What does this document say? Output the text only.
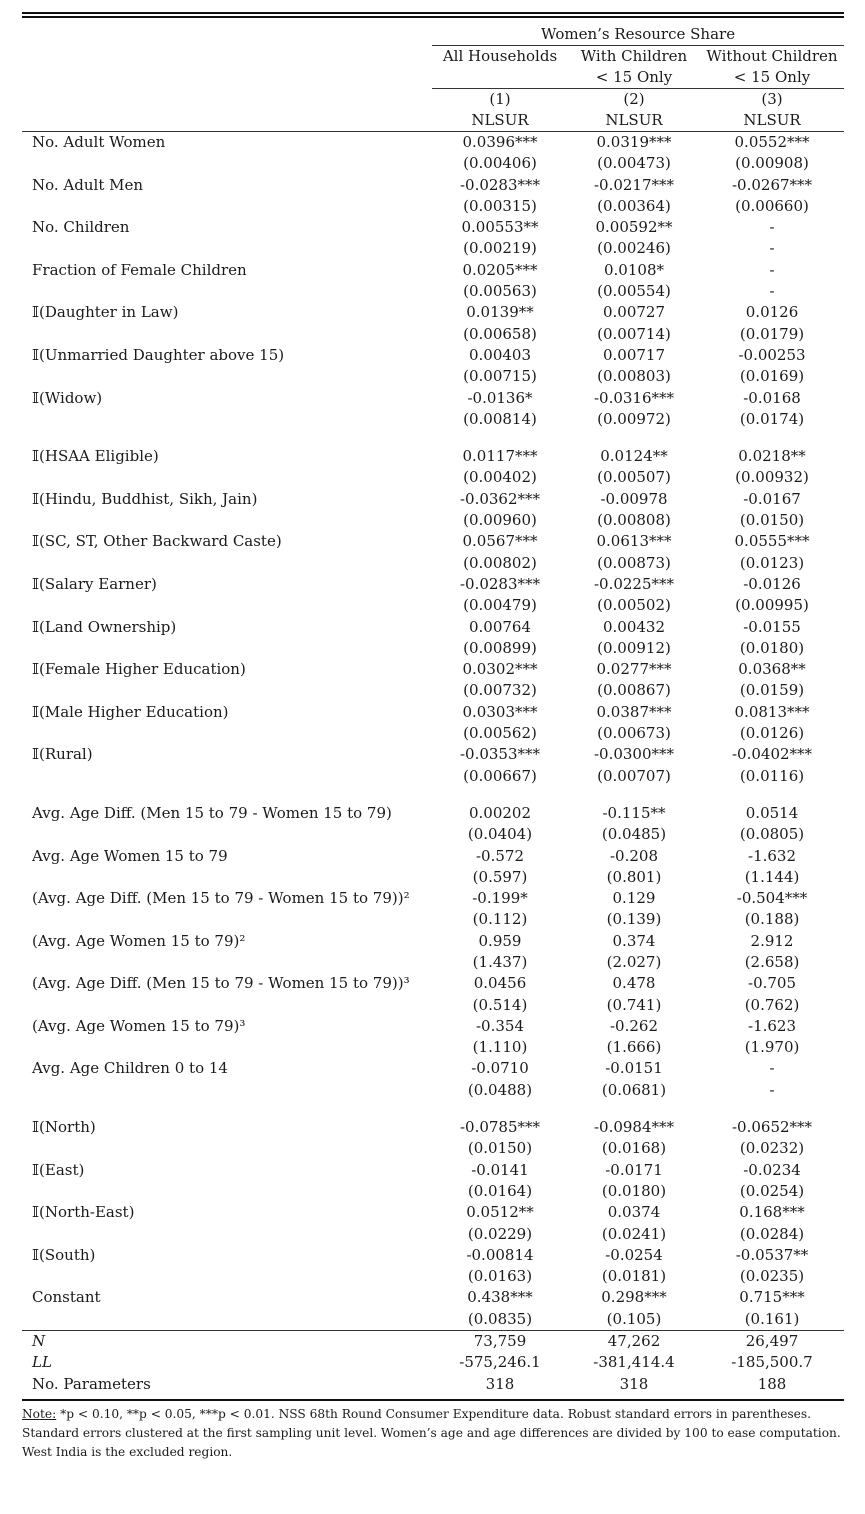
	Women’s Resource Share		
	All Households	With Children	Without Children
		< 15 Only	< 15 Only
	(1)	(2)	(3)
	NLSUR	NLSUR	NLSUR
No. Adult Women	0.0396***	0.0319***	0.0552***
	(0.00406)	(0.00473)	(0.00908)
No. Adult Men	-0.0283***	-0.0217***	-0.0267***
	(0.00315)	(0.00364)	(0.00660)
No. Children	0.00553**	0.00592**	-
	(0.00219)	(0.00246)	-
Fraction of Female Children	0.0205***	0.0108*	-
	(0.00563)	(0.00554)	-
𝕀(Daughter in Law)	0.0139**	0.00727	0.0126
	(0.00658)	(0.00714)	(0.0179)
𝕀(Unmarried Daughter above 15)	0.00403	0.00717	-0.00253
	(0.00715)	(0.00803)	(0.0169)
𝕀(Widow)	-0.0136*	-0.0316***	-0.0168
	(0.00814)	(0.00972)	(0.0174)

𝕀(HSAA Eligible)	0.0117***	0.0124**	0.0218**
	(0.00402)	(0.00507)	(0.00932)
𝕀(Hindu, Buddhist, Sikh, Jain)	-0.0362***	-0.00978	-0.0167
	(0.00960)	(0.00808)	(0.0150)
𝕀(SC, ST, Other Backward Caste)	0.0567***	0.0613***	0.0555***
	(0.00802)	(0.00873)	(0.0123)
𝕀(Salary Earner)	-0.0283***	-0.0225***	-0.0126
	(0.00479)	(0.00502)	(0.00995)
𝕀(Land Ownership)	0.00764	0.00432	-0.0155
	(0.00899)	(0.00912)	(0.0180)
𝕀(Female Higher Education)	0.0302***	0.0277***	0.0368**
	(0.00732)	(0.00867)	(0.0159)
𝕀(Male Higher Education)	0.0303***	0.0387***	0.0813***
	(0.00562)	(0.00673)	(0.0126)
𝕀(Rural)	-0.0353***	-0.0300***	-0.0402***
	(0.00667)	(0.00707)	(0.0116)

Avg. Age Diff. (Men 15 to 79 - Women 15 to 79)	0.00202	-0.115**	0.0514
	(0.0404)	(0.0485)	(0.0805)
Avg. Age Women 15 to 79	-0.572	-0.208	-1.632
	(0.597)	(0.801)	(1.144)
(Avg. Age Diff. (Men 15 to 79 - Women 15 to 79))²	-0.199*	0.129	-0.504***
	(0.112)	(0.139)	(0.188)
(Avg. Age Women 15 to 79)²	0.959	0.374	2.912
	(1.437)	(2.027)	(2.658)
(Avg. Age Diff. (Men 15 to 79 - Women 15 to 79))³	0.0456	0.478	-0.705
	(0.514)	(0.741)	(0.762)
(Avg. Age Women 15 to 79)³	-0.354	-0.262	-1.623
	(1.110)	(1.666)	(1.970)
Avg. Age Children 0 to 14	-0.0710	-0.0151	-
	(0.0488)	(0.0681)	-

𝕀(North)	-0.0785***	-0.0984***	-0.0652***
	(0.0150)	(0.0168)	(0.0232)
𝕀(East)	-0.0141	-0.0171	-0.0234
	(0.0164)	(0.0180)	(0.0254)
𝕀(North-East)	0.0512**	0.0374	0.168***
	(0.0229)	(0.0241)	(0.0284)
𝕀(South)	-0.00814	-0.0254	-0.0537**
	(0.0163)	(0.0181)	(0.0235)
Constant	0.438***	0.298***	0.715***
	(0.0835)	(0.105)	(0.161)
N	73,759	47,262	26,497
LL	-575,246.1	-381,414.4	-185,500.7
No. Parameters	318	318	188
Note: *p < 0.10, **p < 0.05, ***p < 0.01. NSS 68th Round Consumer Expenditure data. Robust standard errors in parentheses. Standard errors clustered at the first sampling unit level. Women’s age and age differences are divided by 100 to ease computation. West India is the excluded region.
